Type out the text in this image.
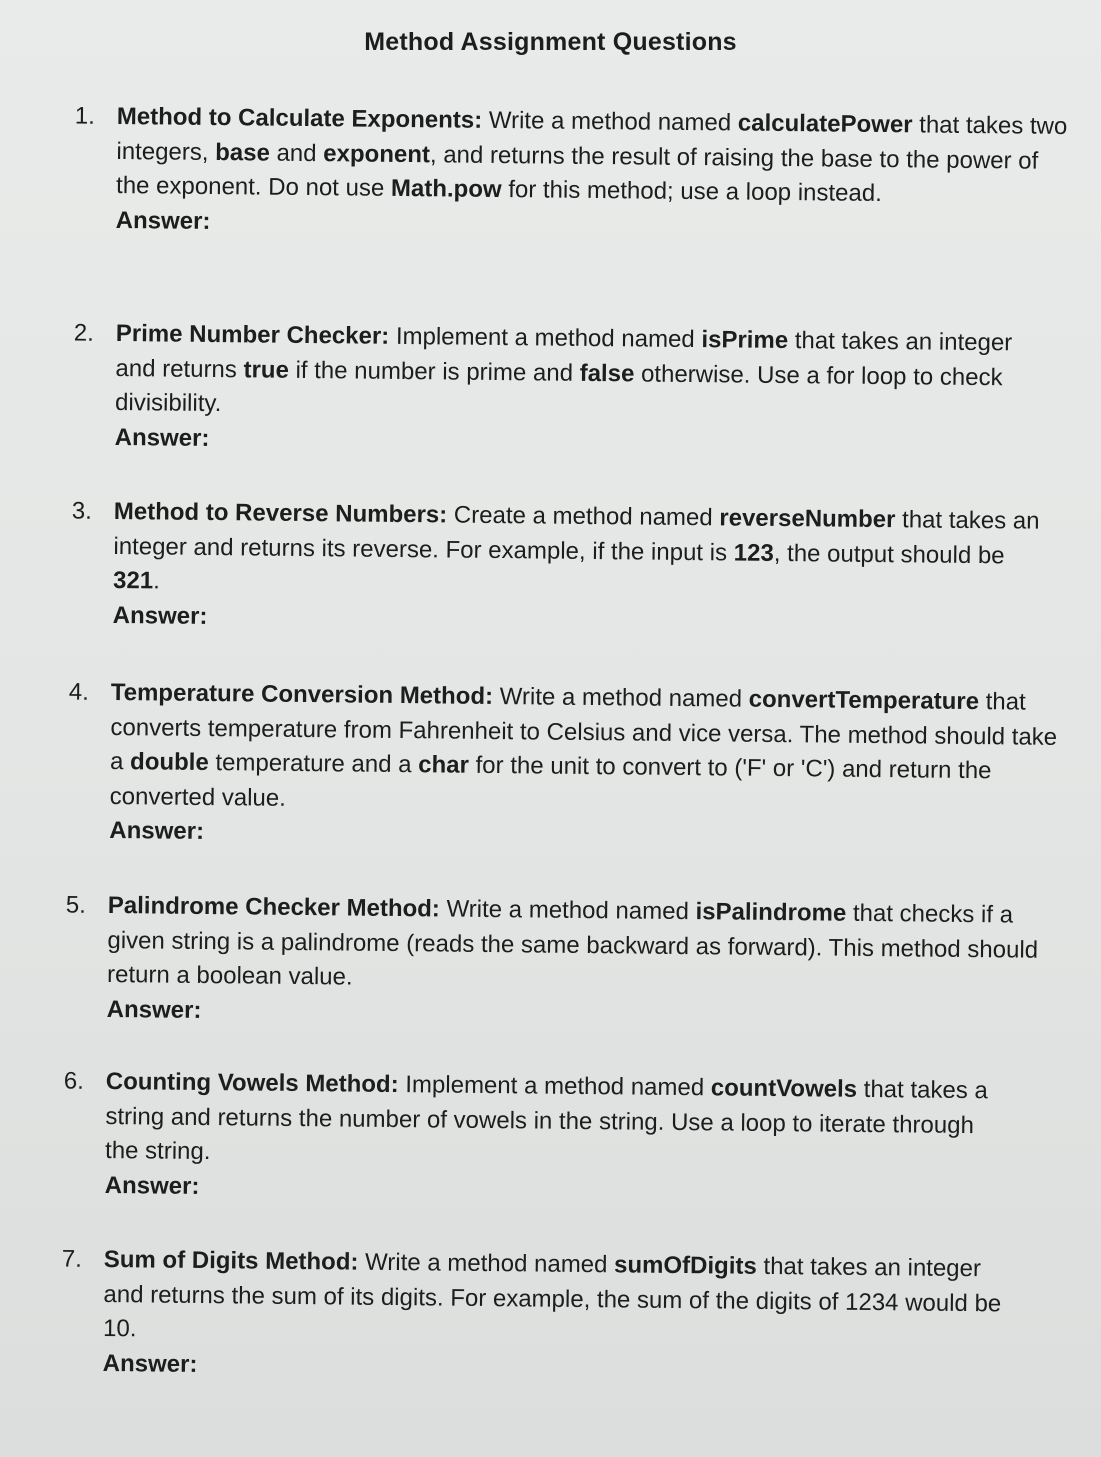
Method Assignment Questions
1. Method to Calculate Exponents: Write a method named calculatePower that takes two integers, base and exponent, and returns the result of raising the base to the power of the exponent. Do not use Math.pow for this method; use a loop instead.
Answer:
2. Prime Number Checker: Implement a method named isPrime that takes an integer and returns true if the number is prime and false otherwise. Use a for loop to check divisibility.
Answer:
3. Method to Reverse Numbers: Create a method named reverseNumber that takes an integer and returns its reverse. For example, if the input is 123, the output should be 321.
Answer:
4. Temperature Conversion Method: Write a method named convertTemperature that converts temperature from Fahrenheit to Celsius and vice versa. The method should take a double temperature and a char for the unit to convert to ('F' or 'C') and return the converted value.
Answer:
5. Palindrome Checker Method: Write a method named isPalindrome that checks if a given string is a palindrome (reads the same backward as forward). This method should return a boolean value.
Answer:
6. Counting Vowels Method: Implement a method named countVowels that takes a string and returns the number of vowels in the string. Use a loop to iterate through the string.
Answer:
7. Sum of Digits Method: Write a method named sumOfDigits that takes an integer and returns the sum of its digits. For example, the sum of the digits of 1234 would be 10.
Answer:
